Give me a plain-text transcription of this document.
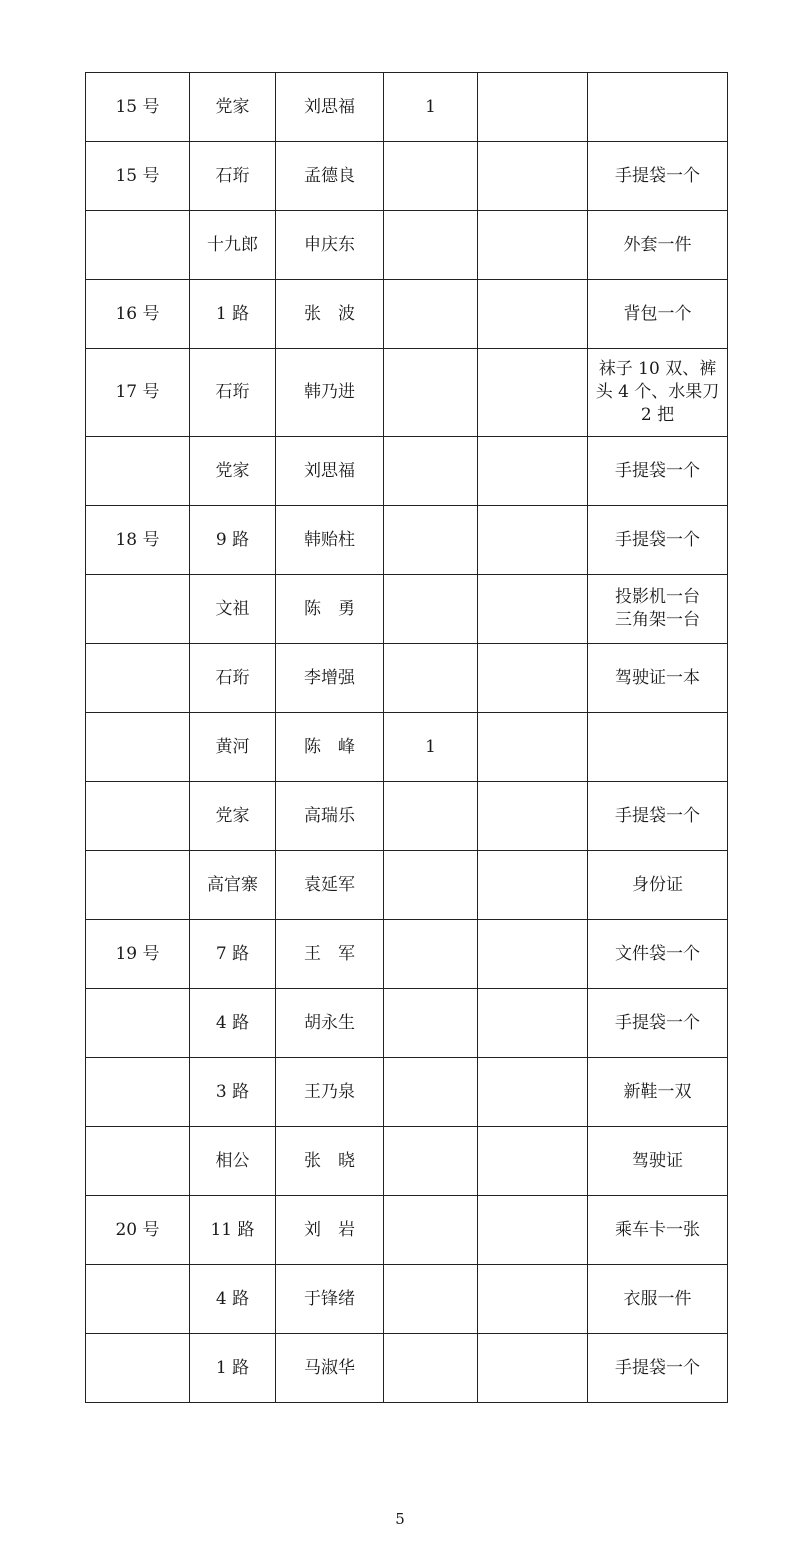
15 号	党家	刘思福	1		
15 号	石珩	孟德良			手提袋一个
	十九郎	申庆东			外套一件
16 号	1 路	张　波			背包一个
17 号	石珩	韩乃进			袜子 10 双、裤头 4 个、水果刀 2 把
	党家	刘思福			手提袋一个
18 号	9 路	韩贻柱			手提袋一个
	文祖	陈　勇			投影机一台
三角架一台
	石珩	李增强			驾驶证一本
	黄河	陈　峰	1		
	党家	高瑞乐			手提袋一个
	高官寨	袁延军			身份证
19 号	7 路	王　军			文件袋一个
	4 路	胡永生			手提袋一个
	3 路	王乃泉			新鞋一双
	相公	张　晓			驾驶证
20 号	11 路	刘　岩			乘车卡一张
	4 路	于锋绪			衣服一件
	1 路	马淑华			手提袋一个
5
